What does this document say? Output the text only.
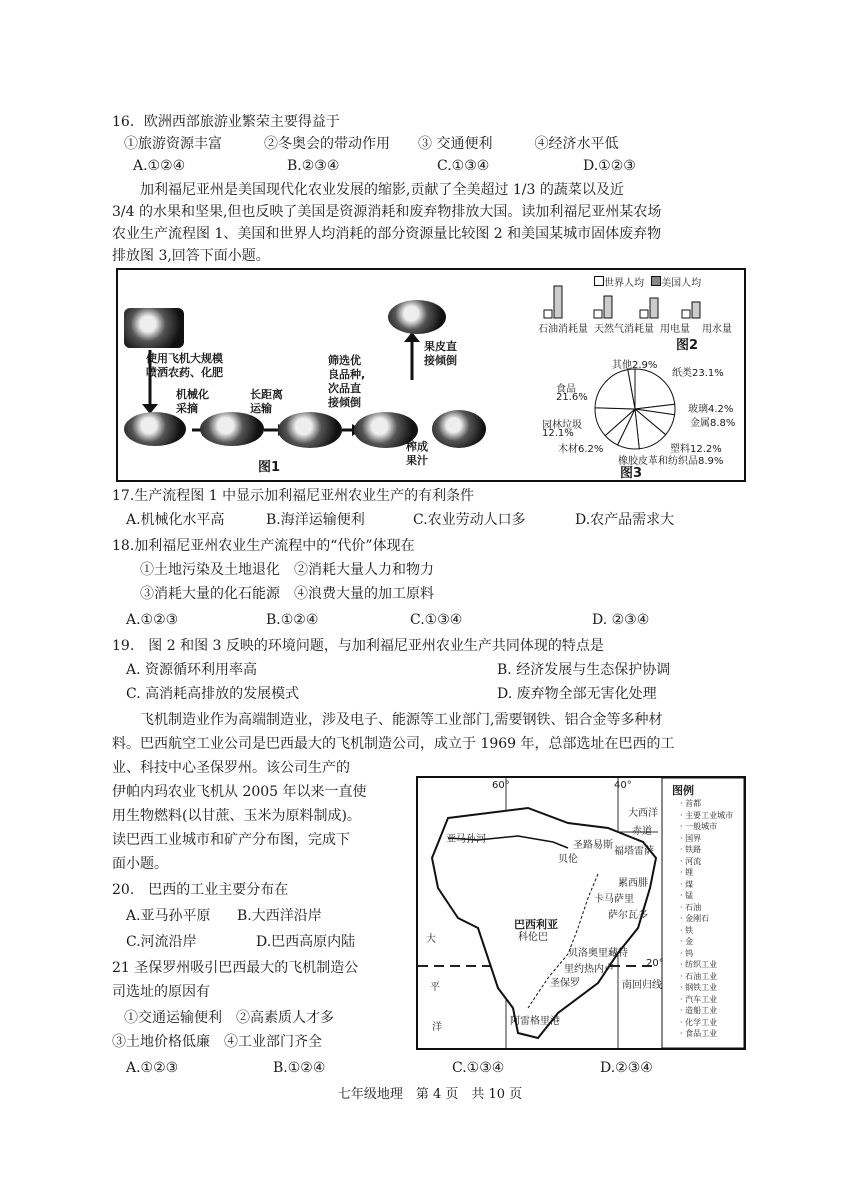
16．欧洲西部旅游业繁荣主要得益于
①旅游资源丰富　　　②冬奥会的带动作用　　③ 交通便利　　　④经济水平低
A.①②④	B.②③④	C.①③④	D.①②③
　　加利福尼亚州是美国现代化农业发展的缩影,贡献了全美超过 1/3 的蔬菜以及近
3/4 的水果和坚果,但也反映了美国是资源消耗和废弃物排放大国。读加利福尼亚州某农场
农业生产流程图 1、美国和世界人均消耗的部分资源量比较图 2 和美国某城市固体废弃物
排放图 3,回答下面小题。
使用飞机大规模
喷洒农药、化肥
机械化
采摘
长距离
运输
筛选优
良品种,
次品直
接倾倒
果皮直
接倾倒
榨成
果汁
图1
世界人均 美国人均
石油消耗量 天然气消耗量 用电量 用水量
图2
其他2.9%
纸类23.1%
玻璃4.2%
金属8.8%
塑料12.2%
橡胶皮革和纺织品8.9%
木材6.2%
园林垃圾
12.1%
食品
21.6%
图3
17.生产流程图 1 中显示加利福尼亚州农业生产的有利条件
A.机械化水平高	B.海洋运输便利	C.农业劳动人口多	D.农产品需求大
18.加利福尼亚州农业生产流程中的“代价”体现在
①土地污染及土地退化　②消耗大量人力和物力
③消耗大量的化石能源　④浪费大量的加工原料
A.①②③	B.①②④	C.①③④	D. ②③④
19.　图 2 和图 3 反映的环境问题，与加利福尼亚州农业生产共同体现的特点是
A. 资源循环利用率高	B. 经济发展与生态保护协调
C. 高消耗高排放的发展模式	D. 废弃物全部无害化处理
　　飞机制造业作为高端制造业，涉及电子、能源等工业部门,需要钢铁、铝合金等多种材
料。巴西航空工业公司是巴西最大的飞机制造公司，成立于 1969 年，总部选址在巴西的工
业、科技中心圣保罗州。该公司生产的
伊帕内玛农业飞机从 2005 年以来一直使
用生物燃料(以甘蔗、玉米为原料制成)。
读巴西工业城市和矿产分布图，完成下
面小题。
20.　巴西的工业主要分布在
A.亚马孙平原 B.大西洋沿岸
C.河流沿岸	D.巴西高原内陆
21 圣保罗州吸引巴西最大的飞机制造公
司选址的原因有
①交通运输便利　②高素质人才多
③土地价格低廉　④工业部门齐全
A.①②③	B.①②④	C.①③④	D.②③④
60°	40°
亚马孙河
圣路易斯
福塔雷萨
贝伦
累西腓
卡马萨里
萨尔瓦多
巴西利亚
科伦巴
贝洛奥里藏特
里约热内卢
圣保罗
阿雷格里港
大西洋
赤道
南回归线
20°
大
平
洋
图例
· 首都
· 主要工业城市
· 一般城市
· 国界
· 铁路
· 河流
· 锂
· 煤
· 锰
· 石油
· 金刚石
· 铁
· 金
· 钨
· 纺织工业
· 石油工业
· 钢铁工业
· 汽车工业
· 造船工业
· 化学工业
· 食品工业
七年级地理　第 4 页　共 10 页
